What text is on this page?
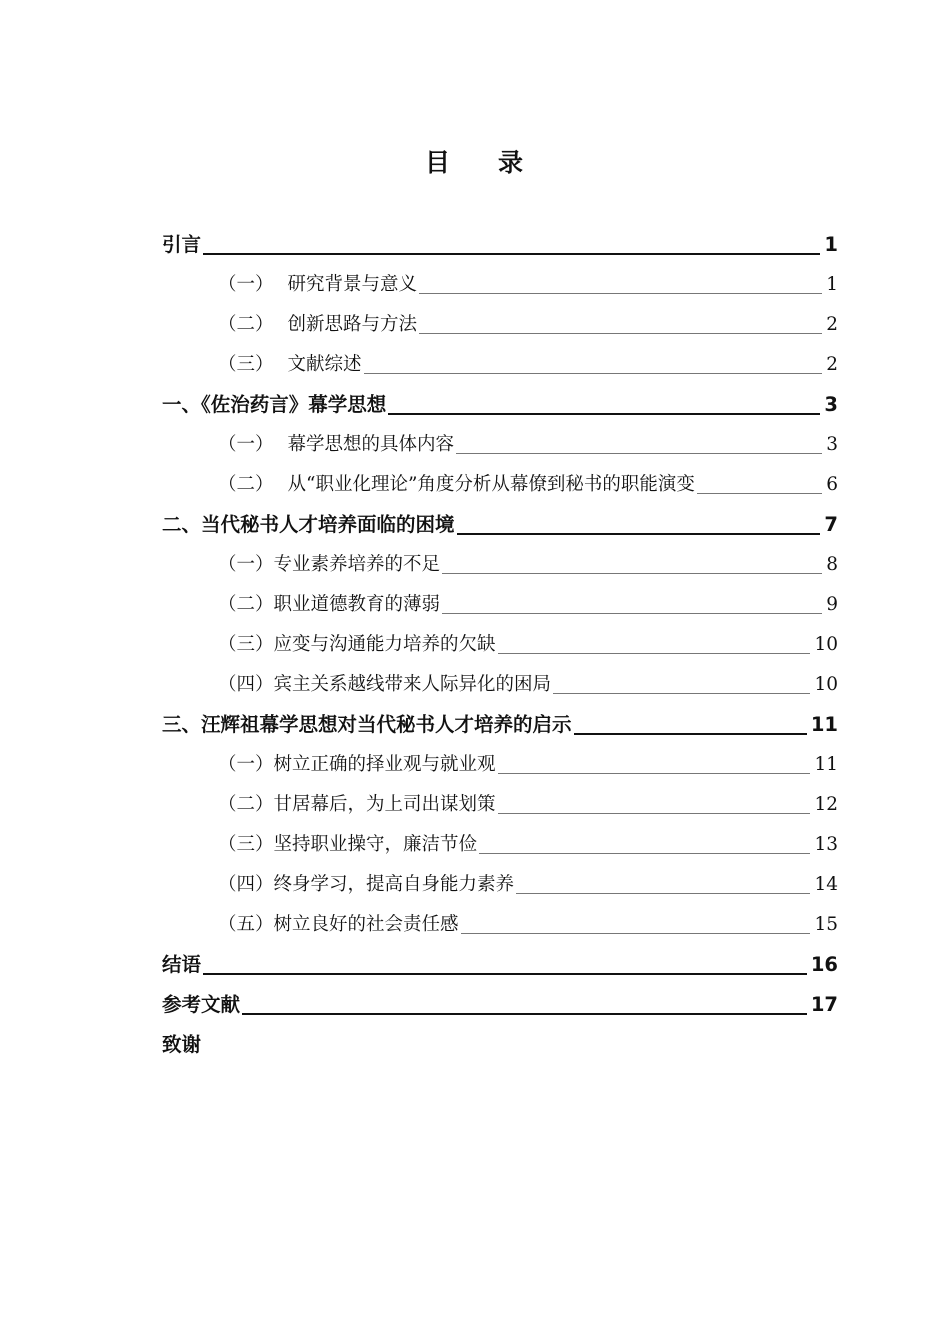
目 录
引言	1
（一） 研究背景与意义	1
（二） 创新思路与方法	2
（三） 文献综述	2
一、《佐治药言》幕学思想	3
（一） 幕学思想的具体内容	3
（二） 从“职业化理论”角度分析从幕僚到秘书的职能演变	6
二、当代秘书人才培养面临的困境	7
（一）专业素养培养的不足	8
（二）职业道德教育的薄弱	9
（三）应变与沟通能力培养的欠缺	10
（四）宾主关系越线带来人际异化的困局	10
三、汪辉祖幕学思想对当代秘书人才培养的启示	11
（一）树立正确的择业观与就业观	11
（二）甘居幕后，为上司出谋划策	12
（三）坚持职业操守，廉洁节俭	13
（四）终身学习，提高自身能力素养	14
（五）树立良好的社会责任感	15
结语	16
参考文献	17
致谢
